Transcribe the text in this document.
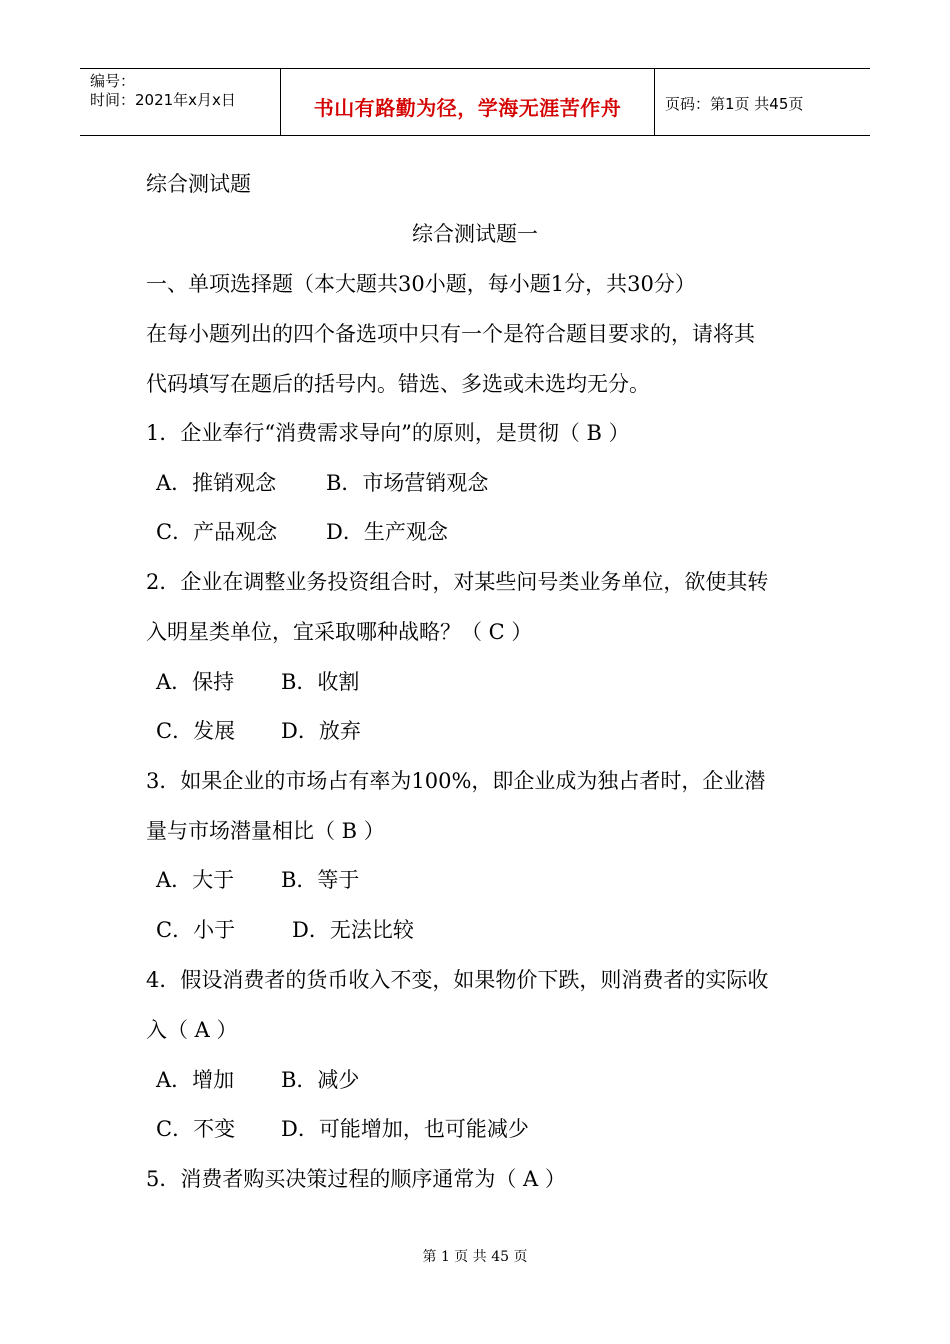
编号：
时间：2021年x月x日	书山有路勤为径，学海无涯苦作舟	页码：第1页 共45页
综合测试题
综合测试题一
一、单项选择题（本大题共30小题，每小题1分，共30分）
在每小题列出的四个备选项中只有一个是符合题目要求的，请将其
代码填写在题后的括号内。错选、多选或未选均无分。
1．企业奉行“消费需求导向”的原则，是贯彻（ B ）
A．推销观念 B．市场营销观念
C．产品观念 D．生产观念
2．企业在调整业务投资组合时，对某些问号类业务单位，欲使其转
入明星类单位，宜采取哪种战略？（ C ）
A．保持 B．收割
C．发展 D．放弃
3．如果企业的市场占有率为100%，即企业成为独占者时，企业潜
量与市场潜量相比（ B ）
A．大于 B．等于
C．小于	D．无法比较
4．假设消费者的货币收入不变，如果物价下跌，则消费者的实际收
入（ A ）
A．增加 B．减少
C．不变 D．可能增加，也可能减少
5．消费者购买决策过程的顺序通常为（ A ）
第 1 页 共 45 页
